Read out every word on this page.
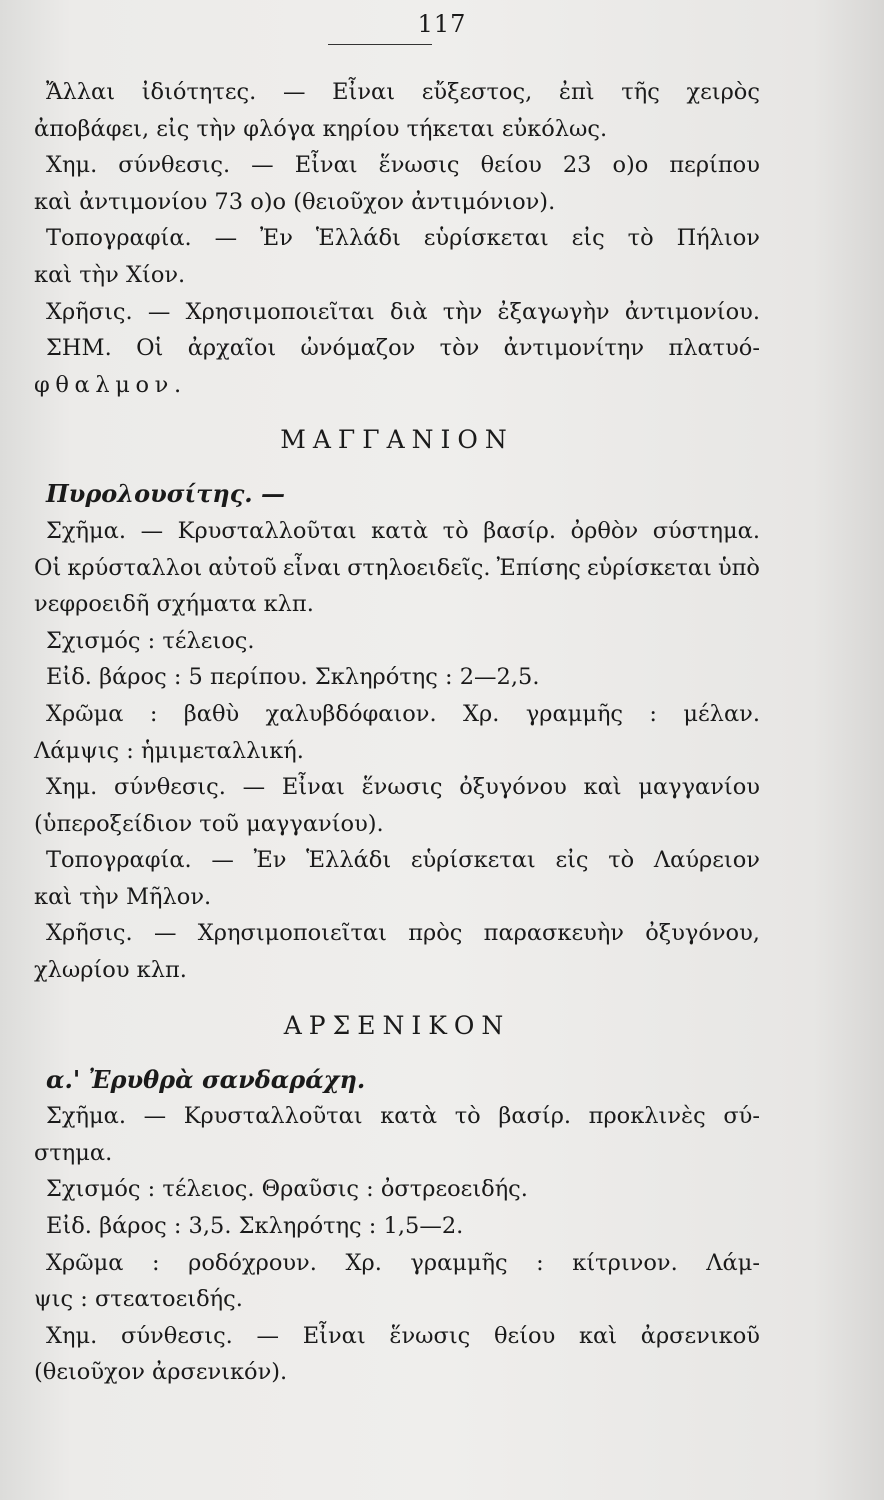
117
Ἄλλαι ἰδιότητες. — Εἶναι εὔξεστος, ἐπὶ τῆς χειρὸς
ἀποβάφει, εἰς τὴν φλόγα κηρίου τήκεται εὐκόλως.
Χημ. σύνθεσις. — Εἶναι ἕνωσις θείου 23 ο)ο περίπου
καὶ ἀντιμονίου 73 ο)ο (θειοῦχον ἀντιμόνιον).
Τοπογραφία. — Ἐν Ἑλλάδι εὑρίσκεται εἰς τὸ Πήλιον
καὶ τὴν Χίον.
Χρῆσις. — Χρησιμοποιεῖται διὰ τὴν ἐξαγωγὴν ἀντιμονίου.
ΣΗΜ. Οἱ ἀρχαῖοι ὠνόμαζον τὸν ἀντιμονίτην πλατυό-
φθαλμον.
ΜΑΓΓΑΝΙΟΝ
Πυρολουσίτης. —
Σχῆμα. — Κρυσταλλοῦται κατὰ τὸ βασίρ. ὀρθὸν σύστημα.
Οἱ κρύσταλλοι αὐτοῦ εἶναι στηλοειδεῖς. Ἐπίσης εὑρίσκεται ὑπὸ
νεφροειδῆ σχήματα κλπ.
Σχισμός : τέλειος.
Εἰδ. βάρος : 5 περίπου. Σκληρότης : 2—2,5.
Χρῶμα : βαθὺ χαλυβδόφαιον. Χρ. γραμμῆς : μέλαν.
Λάμψις : ἡμιμεταλλική.
Χημ. σύνθεσις. — Εἶναι ἕνωσις ὀξυγόνου καὶ μαγγανίου
(ὑπεροξείδιον τοῦ μαγγανίου).
Τοπογραφία. — Ἐν Ἑλλάδι εὑρίσκεται εἰς τὸ Λαύρειον
καὶ τὴν Μῆλον.
Χρῆσις. — Χρησιμοποιεῖται πρὸς παρασκευὴν ὀξυγόνου,
χλωρίου κλπ.
ΑΡΣΕΝΙΚΟΝ
α.' Ἐρυθρὰ σανδαράχη.
Σχῆμα. — Κρυσταλλοῦται κατὰ τὸ βασίρ. προκλινὲς σύ-
στημα.
Σχισμός : τέλειος. Θραῦσις : ὀστρεοειδής.
Εἰδ. βάρος : 3,5. Σκληρότης : 1,5—2.
Χρῶμα : ροδόχρουν. Χρ. γραμμῆς : κίτρινον. Λάμ-
ψις : στεατοειδής.
Χημ. σύνθεσις. — Εἶναι ἕνωσις θείου καὶ ἀρσενικοῦ
(θειοῦχον ἀρσενικόν).
